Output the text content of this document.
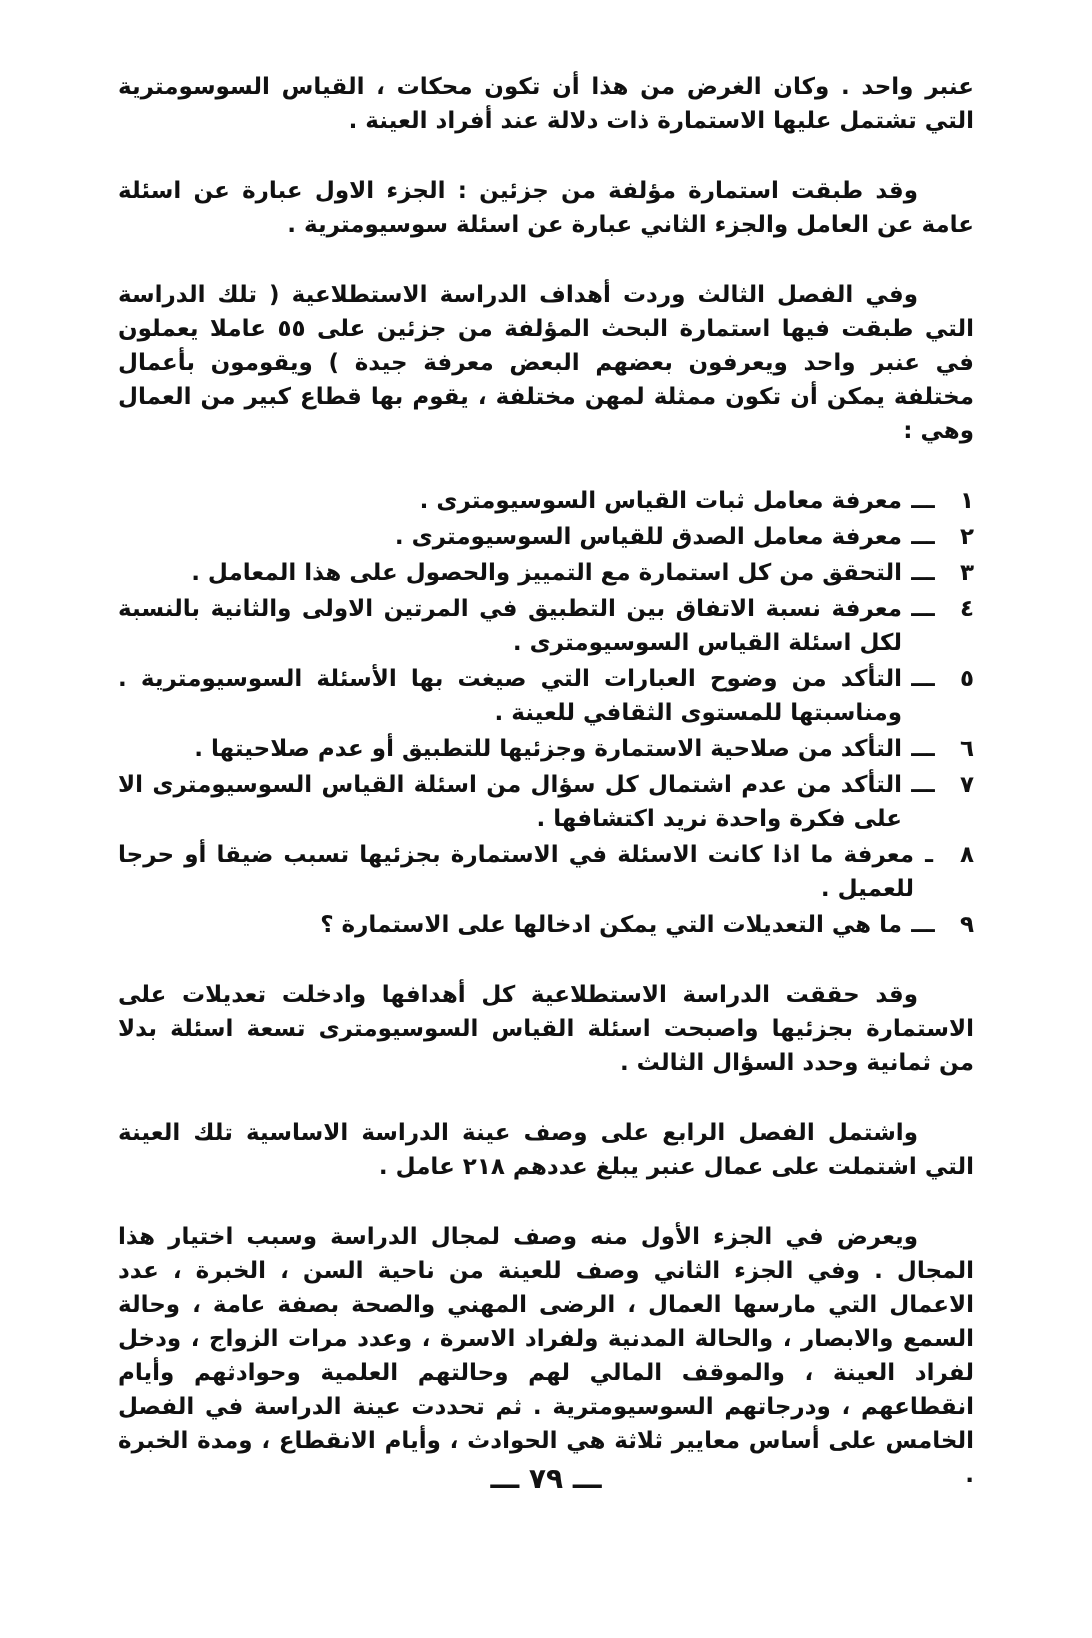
عنبر واحد . وكان الغرض من هذا أن تكون محكات ، القياس السوسومترية التي تشتمل عليها الاستمارة ذات دلالة عند أفراد العينة .

وقد طبقت استمارة مؤلفة من جزئين : الجزء الاول عبارة عن اسئلة عامة عن العامل والجزء الثاني عبارة عن اسئلة سوسيومترية .

وفي الفصل الثالث وردت أهداف الدراسة الاستطلاعية ( تلك الدراسة التي طبقت فيها استمارة البحث المؤلفة من جزئين على ٥٥ عاملا يعملون في عنبر واحد ويعرفون بعضهم البعض معرفة جيدة ) ويقومون بأعمال مختلفة يمكن أن تكون ممثلة لمهن مختلفة ، يقوم بها قطاع كبير من العمال وهي :

١
ـــ
معرفة معامل ثبات القياس السوسيومترى .
٢
ـــ
معرفة معامل الصدق للقياس السوسيومترى .
٣
ـــ
التحقق من كل استمارة مع التمييز والحصول على هذا المعامل .
٤
ـــ
معرفة نسبة الاتفاق بين التطبيق في المرتين الاولى والثانية بالنسبة لكل اسئلة القياس السوسيومترى .
٥
ـــ
التأكد من وضوح العبارات التي صيغت بها الأسئلة السوسيومترية . ومناسبتها للمستوى الثقافي للعينة .
٦
ـــ
التأكد من صلاحية الاستمارة وجزئيها للتطبيق أو عدم صلاحيتها .
٧
ـــ
التأكد من عدم اشتمال كل سؤال من اسئلة القياس السوسيومترى الا على فكرة واحدة نريد اكتشافها .
٨
ـ
معرفة ما اذا كانت الاسئلة في الاستمارة بجزئيها تسبب ضيقا أو حرجا للعميل .
٩
ـــ
ما هي التعديلات التي يمكن ادخالها على الاستمارة ؟

وقد حققت الدراسة الاستطلاعية كل أهدافها وادخلت تعديلات على الاستمارة بجزئيها واصبحت اسئلة القياس السوسيومترى تسعة اسئلة بدلا من ثمانية وحدد السؤال الثالث .

واشتمل الفصل الرابع على وصف عينة الدراسة الاساسية تلك العينة التي اشتملت على عمال عنبر يبلغ عددهم ٢١٨ عامل .

ويعرض في الجزء الأول منه وصف لمجال الدراسة وسبب اختيار هذا المجال . وفي الجزء الثاني وصف للعينة من ناحية السن ، الخبرة ، عدد الاعمال التي مارسها العمال ، الرضى المهني والصحة بصفة عامة ، وحالة السمع والابصار ، والحالة المدنية ولفراد الاسرة ، وعدد مرات الزواج ، ودخل لفراد العينة ، والموقف المالي لهم وحالتهم العلمية وحوادثهم وأيام انقطاعهم ، ودرجاتهم السوسيومترية . ثم تحددت عينة الدراسة في الفصل الخامس على أساس معايير ثلاثة هي الحوادث ، وأيام الانقطاع ، ومدة الخبرة .

ـــ ٧٩ ـــ
